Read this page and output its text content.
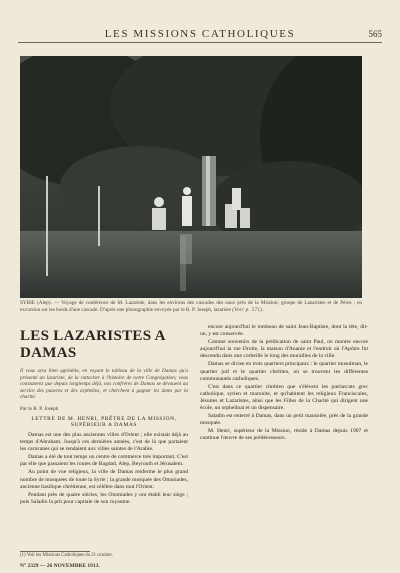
LES MISSIONS CATHOLIQUES	565
SYRIE (Alep). — Voyage de conférence de M. Lazariste, dans les environs des cascades des eaux près de la Mission; groupe de Lazaristes et de Pères ; en excursion sur les bords d'une cascade. D'après une photographie envoyée par le R. P. Joseph, lazariste (Voir p. 571).
LES LAZARISTES A DAMAS

Il vous sera bien agréable, en voyant le tableau de la ville de Damas qu'a présenté un lazariste, de la rattacher à l'histoire de notre Congrégation; vous constaterez que depuis longtemps déjà, nos confrères de Damas se dévouent au service des pauvres et des orphelins, et cherchent à gagner les âmes par la charité.

Par le R. P. Joseph

LETTRE DE M. HENRI, PRÊTRE DE LA MISSION, SUPÉRIEUR A DAMAS

Damas est une des plus anciennes villes d'Orient ; elle existait déjà au temps d'Abraham. Jusqu'à ces dernières années, c'est de là que partaient les caravanes qui se rendaient aux villes saintes de l'Arabie.

Damas a été de tout temps un centre de commerce très important. C'est par elle que passaient les routes de Bagdad, Alep, Beyrouth et Jérusalem.

Au point de vue religieux, la ville de Damas renferme le plus grand nombre de mosquées de toute la Syrie ; la grande mosquée des Ommiades, ancienne basilique chrétienne, est célèbre dans tout l'Orient.

Pendant près de quatre siècles, les Ommiades y ont établi leur siège ; puis Saladin la prit pour capitale de son royaume.

encore aujourd'hui le tombeau de saint Jean-Baptiste, dont la tête, dit-on, y est conservée.

Comme souvenirs de la prédication de saint Paul, on montre encore aujourd'hui la rue Droite, la maison d'Ananie et l'endroit où l'Apôtre fut descendu dans une corbeille le long des murailles de la ville.

Damas se divise en trois quartiers principaux : le quartier musulman, le quartier juif et le quartier chrétien, où se trouvent les différentes communautés catholiques.

C'est dans ce quartier chrétien que s'élèvent les patriarcats grec catholique, syrien et maronite, et qu'habitent les religieux Franciscains, Jésuites et Lazaristes, ainsi que les Filles de la Charité qui dirigent une école, un orphelinat et un dispensaire.

Saladin est enterré à Damas, dans un petit mausolée, près de la grande mosquée.

M. Henri, supérieur de la Mission, réside à Damas depuis 1907 et continue l'œuvre de ses prédécesseurs.

(1) Voir les Missions Catholiques du 21 octobre.
N° 2329 — 26 NOVEMBRE 1913.
